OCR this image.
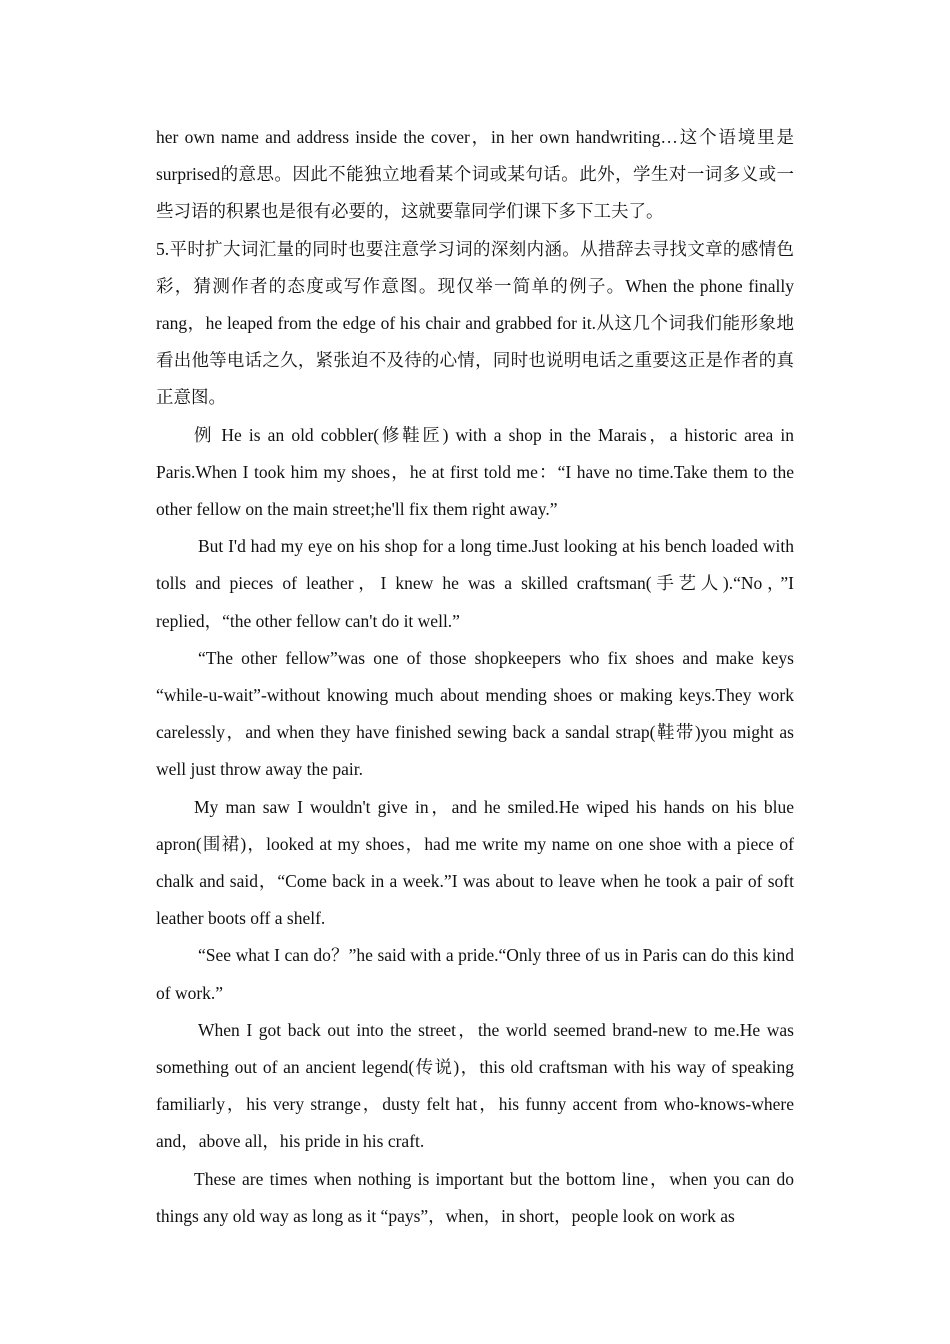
her own name and address inside the cover，in her own handwriting…这个语境里是surprised的意思。因此不能独立地看某个词或某句话。此外，学生对一词多义或一些习语的积累也是很有必要的，这就要靠同学们课下多下工夫了。

5.平时扩大词汇量的同时也要注意学习词的深刻内涵。从措辞去寻找文章的感情色彩，猜测作者的态度或写作意图。现仅举一简单的例子。When the phone finally rang，he leaped from the edge of his chair and grabbed for it.从这几个词我们能形象地看出他等电话之久，紧张迫不及待的心情，同时也说明电话之重要这正是作者的真正意图。

例 He is an old cobbler(修鞋匠) with a shop in the Marais，a historic area in Paris.When I took him my shoes，he at first told me：“I have no time.Take them to the other fellow on the main street;he'll fix them right away.”

But I'd had my eye on his shop for a long time.Just looking at his bench loaded with tolls and pieces of leather，I knew he was a skilled craftsman(手艺人).“No，”I replied，“the other fellow can't do it well.”

“The other fellow”was one of those shopkeepers who fix shoes and make keys “while-u-wait”-without knowing much about mending shoes or making keys.They work carelessly，and when they have finished sewing back a sandal strap(鞋带)you might as well just throw away the pair.

My man saw I wouldn't give in，and he smiled.He wiped his hands on his blue apron(围裙)，looked at my shoes，had me write my name on one shoe with a piece of chalk and said，“Come back in a week.”I was about to leave when he took a pair of soft leather boots off a shelf.

“See what I can do？”he said with a pride.“Only three of us in Paris can do this kind of work.”

When I got back out into the street，the world seemed brand-new to me.He was something out of an ancient legend(传说)，this old craftsman with his way of speaking familiarly，his very strange，dusty felt hat，his funny accent from who-knows-where and，above all，his pride in his craft.

These are times when nothing is important but the bottom line，when you can do things any old way as long as it “pays”，when，in short，people look on work as
